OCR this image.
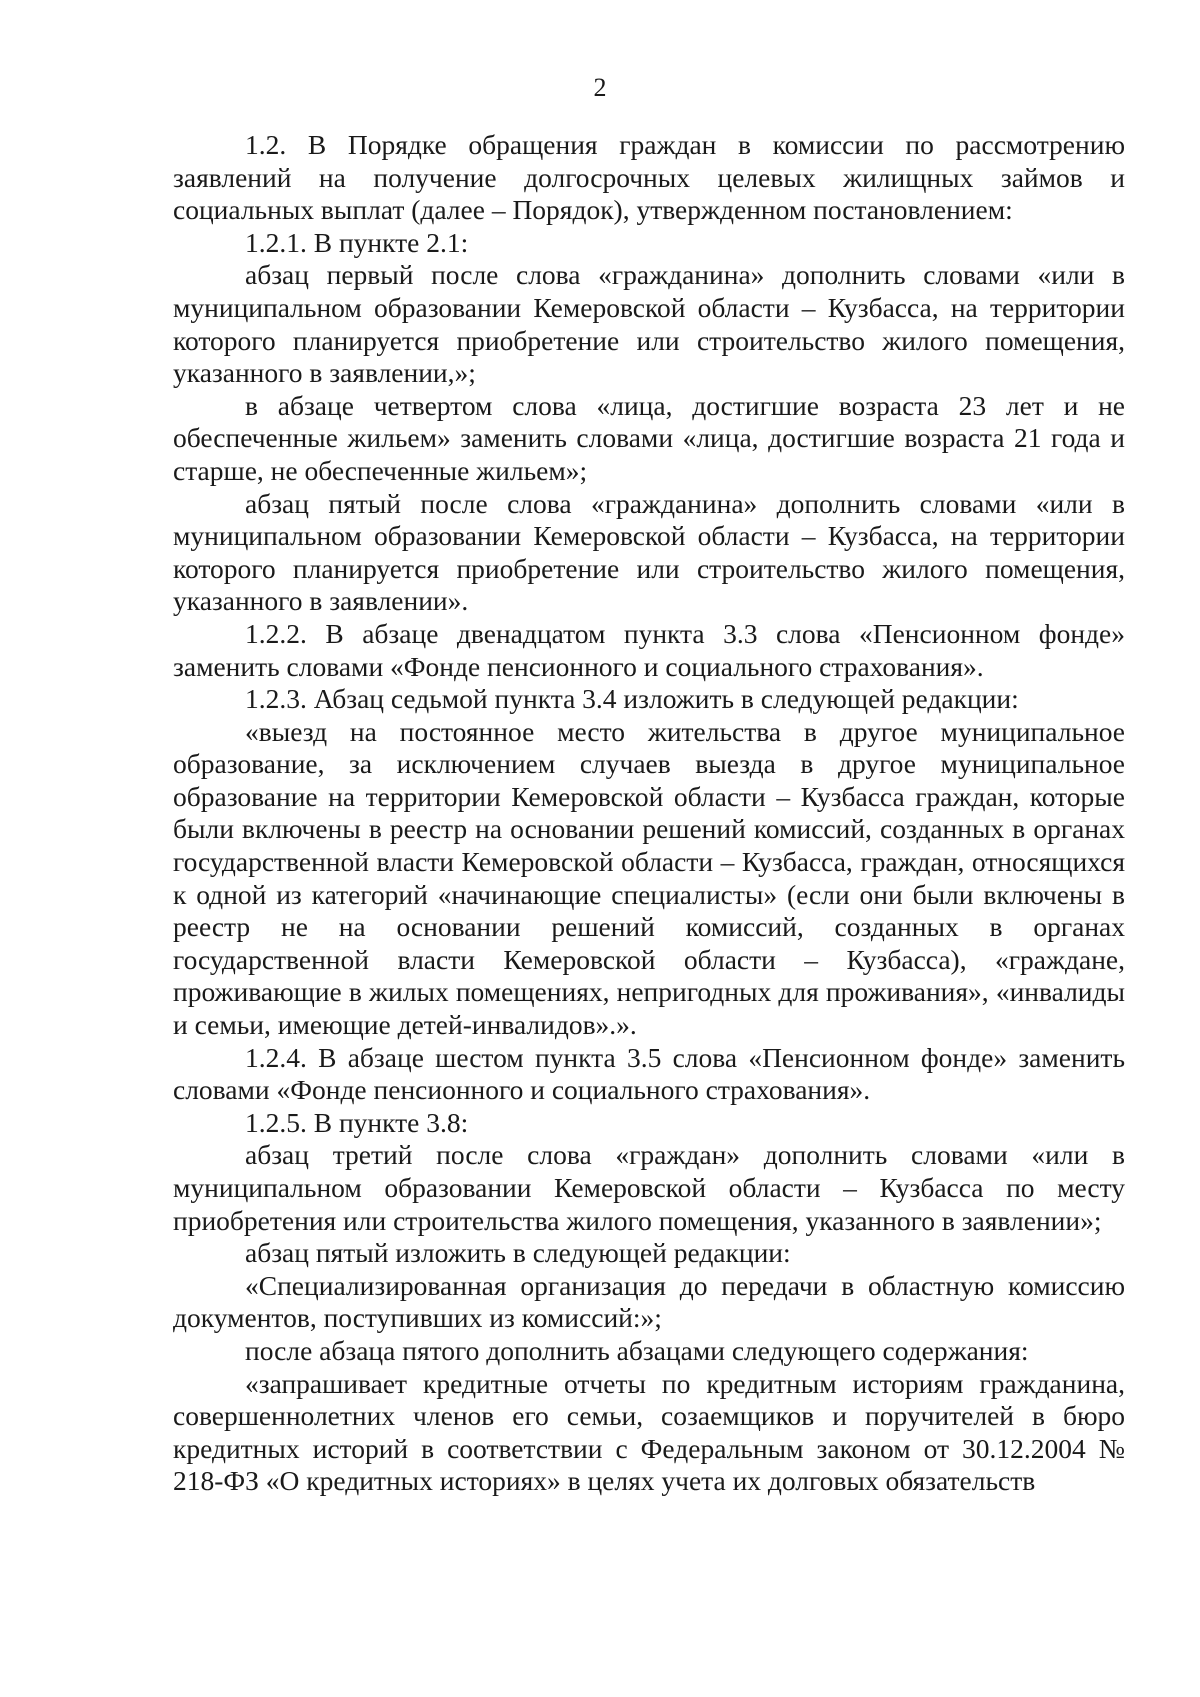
2

1.2. В Порядке обращения граждан в комиссии по рассмотрению заявлений на получение долгосрочных целевых жилищных займов и социальных выплат (далее – Порядок), утвержденном постановлением:

1.2.1. В пункте 2.1:

абзац первый после слова «гражданина» дополнить словами «или в муниципальном образовании Кемеровской области – Кузбасса, на территории которого планируется приобретение или строительство жилого помещения, указанного в заявлении,»;

в абзаце четвертом слова «лица, достигшие возраста 23 лет и не обеспеченные жильем» заменить словами «лица, достигшие возраста 21 года и старше, не обеспеченные жильем»;

абзац пятый после слова «гражданина» дополнить словами «или в муниципальном образовании Кемеровской области – Кузбасса, на территории которого планируется приобретение или строительство жилого помещения, указанного в заявлении».

1.2.2. В абзаце двенадцатом пункта 3.3 слова «Пенсионном фонде» заменить словами «Фонде пенсионного и социального страхования».

1.2.3. Абзац седьмой пункта 3.4 изложить в следующей редакции:

«выезд на постоянное место жительства в другое муниципальное образование, за исключением случаев выезда в другое муниципальное образование на территории Кемеровской области – Кузбасса граждан, которые были включены в реестр на основании решений комиссий, созданных в органах государственной власти Кемеровской области – Кузбасса, граждан, относящихся к одной из категорий «начинающие специалисты» (если они были включены в реестр не на основании решений комиссий, созданных в органах государственной власти Кемеровской области – Кузбасса), «граждане, проживающие в жилых помещениях, непригодных для проживания», «инвалиды и семьи, имеющие детей-инвалидов».».

1.2.4. В абзаце шестом пункта 3.5 слова «Пенсионном фонде» заменить словами «Фонде пенсионного и социального страхования».

1.2.5. В пункте 3.8:

абзац третий после слова «граждан» дополнить словами «или в муниципальном образовании Кемеровской области – Кузбасса по месту приобретения или строительства жилого помещения, указанного в заявлении»;

абзац пятый изложить в следующей редакции:

«Специализированная организация до передачи в областную комиссию документов, поступивших из комиссий:»;

после абзаца пятого дополнить абзацами следующего содержания:

«запрашивает кредитные отчеты по кредитным историям гражданина, совершеннолетних членов его семьи, созаемщиков и поручителей в бюро кредитных историй в соответствии с Федеральным законом от 30.12.2004 № 218-ФЗ «О кредитных историях» в целях учета их долговых обязательств
